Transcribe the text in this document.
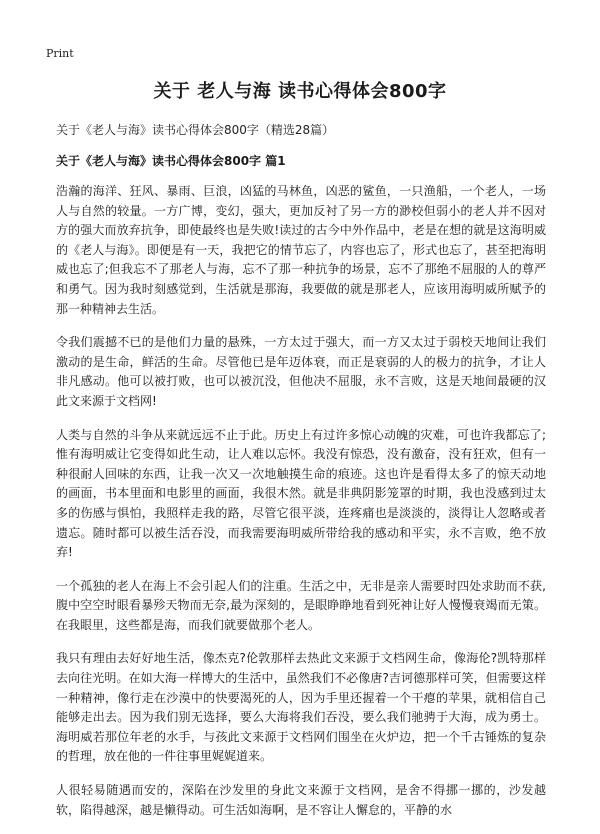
Print
关于 老人与海 读书心得体会800字

关于《老人与海》读书心得体会800字（精选28篇）

关于《老人与海》读书心得体会800字 篇1

浩瀚的海洋、狂风、暴雨、巨浪，凶猛的马林鱼，凶恶的鲨鱼，一只渔船，一个老人，一场人与自然的较量。一方广博，变幻，强大，更加反衬了另一方的渺校但弱小的老人并不因对方的强大而放弃抗争，即使最终也是失败!读过的古今中外作品中，老是在想的就是这海明威的《老人与海》。即便是有一天，我把它的情节忘了，内容也忘了，形式也忘了，甚至把海明威也忘了;但我忘不了那老人与海，忘不了那一种抗争的场景，忘不了那绝不屈服的人的尊严和勇气。因为我时刻感觉到，生活就是那海，我要做的就是那老人，应该用海明威所赋予的那一种精神去生活。

令我们震撼不已的是他们力量的悬殊，一方太过于强大，而一方又太过于弱校天地间让我们激动的是生命，鲜活的生命。尽管他已是年迈体衰，而正是衰弱的人的极力的抗争，才让人非凡感动。他可以被打败，也可以被沉没，但他决不屈服，永不言败，这是天地间最硬的汉此文来源于文档网!

人类与自然的斗争从来就远远不止于此。历史上有过许多惊心动魄的灾难，可也许我都忘了;惟有海明威让它变得如此生动，让人难以忘怀。我没有惊恐，没有激奋，没有狂欢，但有一种很耐人回味的东西，让我一次又一次地触摸生命的痕迹。这也许是看得太多了的惊天动地的画面，书本里面和电影里的画面，我很木然。就是非典阴影笼罩的时期，我也没感到过太多的伤感与惧怕，我照样走我的路，尽管它很平淡，连疼痛也是淡淡的，淡得让人忽略或者遗忘。随时都可以被生活吞没，而我需要海明威所带给我的感动和平实，永不言败，绝不放弃!

一个孤独的老人在海上不会引起人们的注重。生活之中，无非是亲人需要时四处求助而不获,腹中空空时眼看暴殄天物而无奈,最为深刻的，是眼睁睁地看到死神让好人慢慢衰竭而无策。在我眼里，这些都是海，而我们就要做那个老人。

我只有理由去好好地生活，像杰克?伦敦那样去热此文来源于文档网生命，像海伦?凯特那样去向往光明。在如大海一样博大的生活中，虽然我们不必像唐?吉诃德那样可笑，但需要这样一种精神，像行走在沙漠中的快要渴死的人，因为手里还握着一个干瘪的苹果，就相信自己能够走出去。因为我们别无选择，要么大海将我们吞没，要么我们驰骋于大海，成为勇士。海明威若那位年老的水手，与孩此文来源于文档网们围坐在火炉边，把一个千古锤炼的复杂的哲理，放在他的一件往事里娓娓道来。

人很轻易随遇而安的，深陷在沙发里的身此文来源于文档网，是舍不得挪一挪的，沙发越软，陷得越深，越是懒得动。可生活如海啊，是不容让人懈怠的，平静的水
